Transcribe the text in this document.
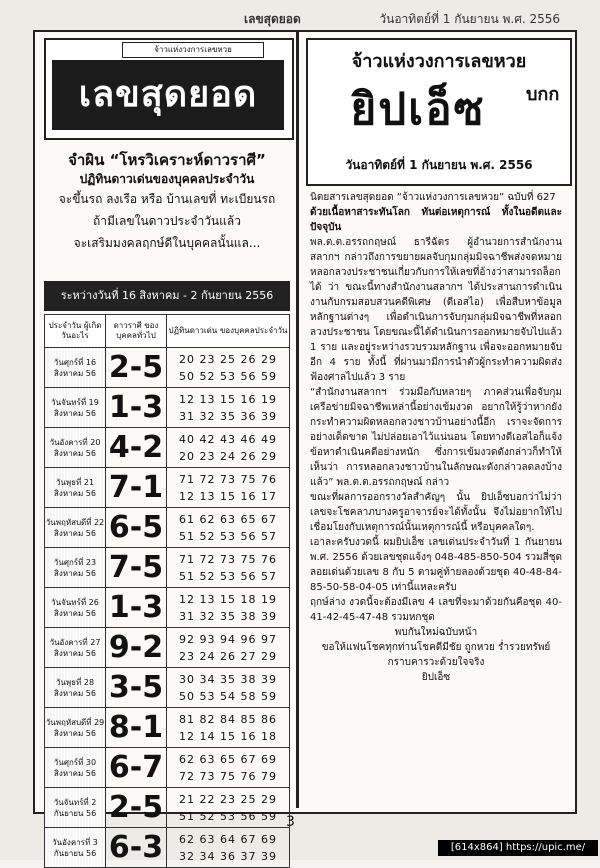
เลขสุดยอด	วันอาทิตย์ที่ 1 กันยายน พ.ศ. 2556
จ้าวแห่งวงการเลขหวย
เลขสุดยอด
จำผิน “โหรวิเคราะห์ดาวราศี”
ปฏิทินดาวเด่นของบุคคลประจำวัน
จะขึ้นรถ ลงเรือ หรือ บ้านเลขที่ ทะเบียนรถ
ถ้ามีเลขในดาวประจำวันแล้ว
จะเสริมมงคลฤกษ์ดีในบุคคลนั้นแล...
ระหว่างวันที่ 16 สิงหาคม - 2 กันยายน 2556
ประจำวัน ผู้เกิดวันอะไร	ดาวราศี ของบุคคลทั่วไป	ปฏิทินดาวเด่น ของบุคคลประจำวัน
วันศุกร์ที่ 16 สิงหาคม 56	2-5	20 23 25 26 29
50 52 53 56 59

วันจันทร์ที่ 19 สิงหาคม 56	1-3	12 13 15 16 19
31 32 35 36 39

วันอังคารที่ 20 สิงหาคม 56	4-2	40 42 43 46 49
20 23 24 26 29

วันพุธที่ 21 สิงหาคม 56	7-1	71 72 73 75 76
12 13 15 16 17

วันพฤหัสบดีที่ 22 สิงหาคม 56	6-5	61 62 63 65 67
51 52 53 56 57

วันศุกร์ที่ 23 สิงหาคม 56	7-5	71 72 73 75 76
51 52 53 56 57

วันจันทร์ที่ 26 สิงหาคม 56	1-3	12 13 15 18 19
31 32 35 38 39

วันอังคารที่ 27 สิงหาคม 56	9-2	92 93 94 96 97
23 24 26 27 29

วันพุธที่ 28 สิงหาคม 56	3-5	30 34 35 38 39
50 53 54 58 59

วันพฤหัสบดีที่ 29 สิงหาคม 56	8-1	81 82 84 85 86
12 14 15 16 18

วันศุกร์ที่ 30 สิงหาคม 56	6-7	62 63 65 67 69
72 73 75 76 79

วันจันทร์ที่ 2 กันยายน 56	2-5	21 22 23 25 29
51 52 53 56 59

วันอังคารที่ 3 กันยายน 56	6-3	62 63 64 67 69
32 34 36 37 39
จ้าวแห่งวงการเลขหวย
ยิปเอ็ซ	บกก
วันอาทิตย์ที่ 1 กันยายน พ.ศ. 2556

นิตยสารเลขสุดยอด “จ้าวแห่งวงการเลขหวย” ฉบับที่ 627

ด้วยเนื้อหาสาระทันโลก ทันต่อเหตุการณ์ ทั้งในอดีตและปัจจุบัน

พล.ต.ต.อรรถกฤษณ์ ธารีฉัตร ผู้อำนวยการสำนักงานสลากฯ กล่าวถึงการขยายผลจับกุมกลุ่มมิจฉาชีพส่งจดหมายหลอกลวงประชาชนเกี่ยวกับการให้เลขที่อ้างว่าสามารถล็อกได้ ว่า ขณะนี้ทางสำนักงานสลากฯ ได้ประสานการดำเนินงานกับกรมสอบสวนคดีพิเศษ (ดีเอสไอ) เพื่อสืบหาข้อมูลหลักฐานต่างๆ เพื่อดำเนินการจับกุมกลุ่มมิจฉาชีพที่หลอกลวงประชาชน โดยขณะนี้ได้ดำเนินการออกหมายจับไปแล้ว 1 ราย และอยู่ระหว่างรวบรวมหลักฐาน เพื่อจะออกหมายจับอีก 4 ราย ทั้งนี้ ที่ผ่านมามีการนำตัวผู้กระทำความผิดส่งฟ้องศาลไปแล้ว 3 ราย

“สำนักงานสลากฯ ร่วมมือกับหลายๆ ภาคส่วนเพื่อจับกุมเครือข่ายมิจฉาชีพเหล่านี้อย่างเข้มงวด อยากให้รู้ว่าหากยังกระทำความผิดหลอกลวงชาวบ้านอย่างนี้อีก เราจะจัดการอย่างเด็ดขาด ไม่ปล่อยเอาไว้แน่นอน โดยทางดีเอสไอก็แจ้งข้อหาดำเนินคดีอย่างหนัก ซึ่งการเข้มงวดดังกล่าวก็ทำให้เห็นว่า การหลอกลวงชาวบ้านในลักษณะดังกล่าวลดลงบ้างแล้ว” พล.ต.ต.อรรถกฤษณ์ กล่าว

ขณะที่ผลการออกรางวัลสำคัญๆ นั้น ยิปเอ็ซบอกว่าไม่ว่าเลขจะโชคลาภบางครูอาจารย์จะได้ทั้งนั้น จึงไม่อยากให้ไปเชื่อมโยงกับเหตุการณ์นั้นเหตุการณ์นี้ หรือบุคคลใดๆ.

เอาละครับงวดนี้ ผมยิปเอ็ซ เลขเด่นประจำวันที่ 1 กันยายน พ.ศ. 2556 ด้วยเลขชุดแจ้งๆ 048-485-850-504 รวมสี่ชุด ลอยเด่นด้วยเลข 8 กับ 5 ตามคู่ท้ายลองด้วยชุด 40-48-84-85-50-58-04-05 เท่านี้แหละครับ

ฤกษ์ล่าง งวดนี้จะต้องมีเลข 4 เลขที่จะมาด้วยกันคือชุด 40-41-42-45-47-48 รวมหกชุด

พบกันใหม่ฉบับหน้า

ขอให้แฟนโชคทุกท่านโชคดีมีชัย ถูกหวย ร่ำรวยทรัพย์

กราบคารวะด้วยใจจริง

ยิปเอ็ซ

3
[614x864] https://upic.me/
